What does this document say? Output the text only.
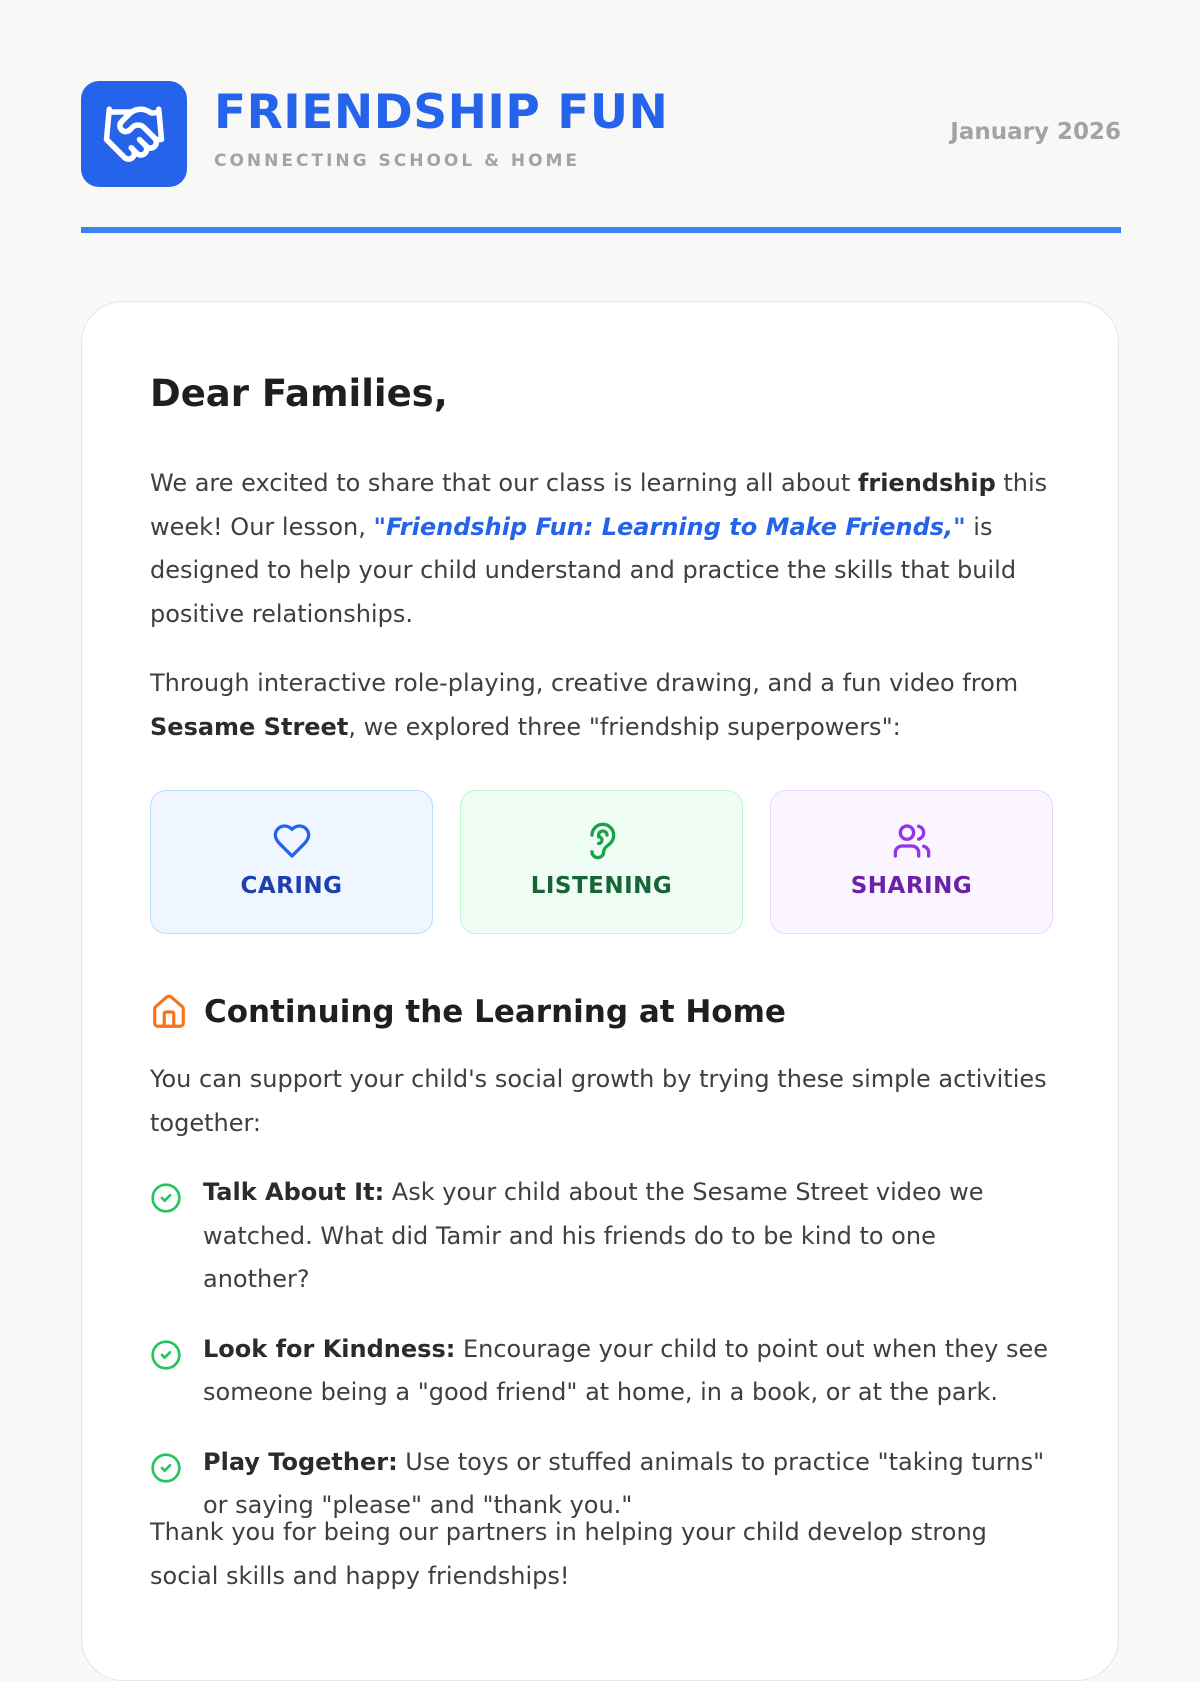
FRIENDSHIP FUN
CONNECTING SCHOOL & HOME
January 2026
Dear Families,

We are excited to share that our class is learning all about friendship this week! Our lesson, "Friendship Fun: Learning to Make Friends," is designed to help your child understand and practice the skills that build positive relationships.

Through interactive role-playing, creative drawing, and a fun video from Sesame Street, we explored three "friendship superpowers":

CARING	LISTENING	SHARING
Continuing the Learning at Home

You can support your child's social growth by trying these simple activities together:

Talk About It: Ask your child about the Sesame Street video we watched. What did Tamir and his friends do to be kind to one another?
Look for Kindness: Encourage your child to point out when they see someone being a "good friend" at home, in a book, or at the park.
Play Together: Use toys or stuffed animals to practice "taking turns" or saying "please" and "thank you."

Thank you for being our partners in helping your child develop strong social skills and happy friendships!
